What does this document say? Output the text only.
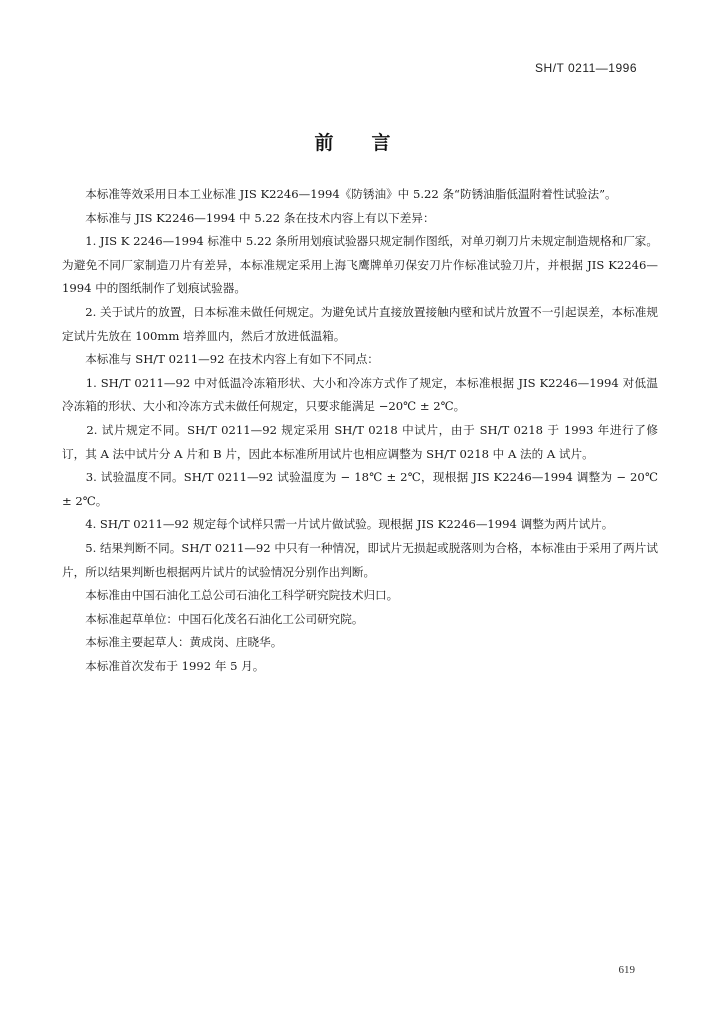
SH/T 0211—1996
前言

　　本标准等效采用日本工业标准 JIS K2246—1994《防锈油》中 5.22 条“防锈油脂低温附着性试验法”。

　　本标准与 JIS K2246—1994 中 5.22 条在技术内容上有以下差异：

　　1. JIS K 2246—1994 标准中 5.22 条所用划痕试验器只规定制作图纸，对单刃剃刀片未规定制造规格和厂家。为避免不同厂家制造刀片有差异，本标准规定采用上海飞鹰牌单刃保安刀片作标准试验刀片，并根据 JIS K2246—1994 中的图纸制作了划痕试验器。

　　2. 关于试片的放置，日本标准未做任何规定。为避免试片直接放置接触内壁和试片放置不一引起误差，本标准规定试片先放在 100mm 培养皿内，然后才放进低温箱。

　　本标准与 SH/T 0211—92 在技术内容上有如下不同点：

　　1. SH/T 0211—92 中对低温冷冻箱形状、大小和冷冻方式作了规定，本标准根据 JIS K2246—1994 对低温冷冻箱的形状、大小和冷冻方式未做任何规定，只要求能满足 −20℃ ± 2℃。

　　2. 试片规定不同。SH/T 0211—92 规定采用 SH/T 0218 中试片，由于 SH/T 0218 于 1993 年进行了修订，其 A 法中试片分 A 片和 B 片，因此本标准所用试片也相应调整为 SH/T 0218 中 A 法的 A 试片。

　　3. 试验温度不同。SH/T 0211—92 试验温度为 − 18℃ ± 2℃，现根据 JIS K2246—1994 调整为 − 20℃ ± 2℃。

　　4. SH/T 0211—92 规定每个试样只需一片试片做试验。现根据 JIS K2246—1994 调整为两片试片。

　　5. 结果判断不同。SH/T 0211—92 中只有一种情况，即试片无损起或脱落则为合格，本标准由于采用了两片试片，所以结果判断也根据两片试片的试验情况分别作出判断。

　　本标准由中国石油化工总公司石油化工科学研究院技术归口。

　　本标准起草单位：中国石化茂名石油化工公司研究院。

　　本标准主要起草人：黄成岗、庄晓华。

　　本标准首次发布于 1992 年 5 月。

619
